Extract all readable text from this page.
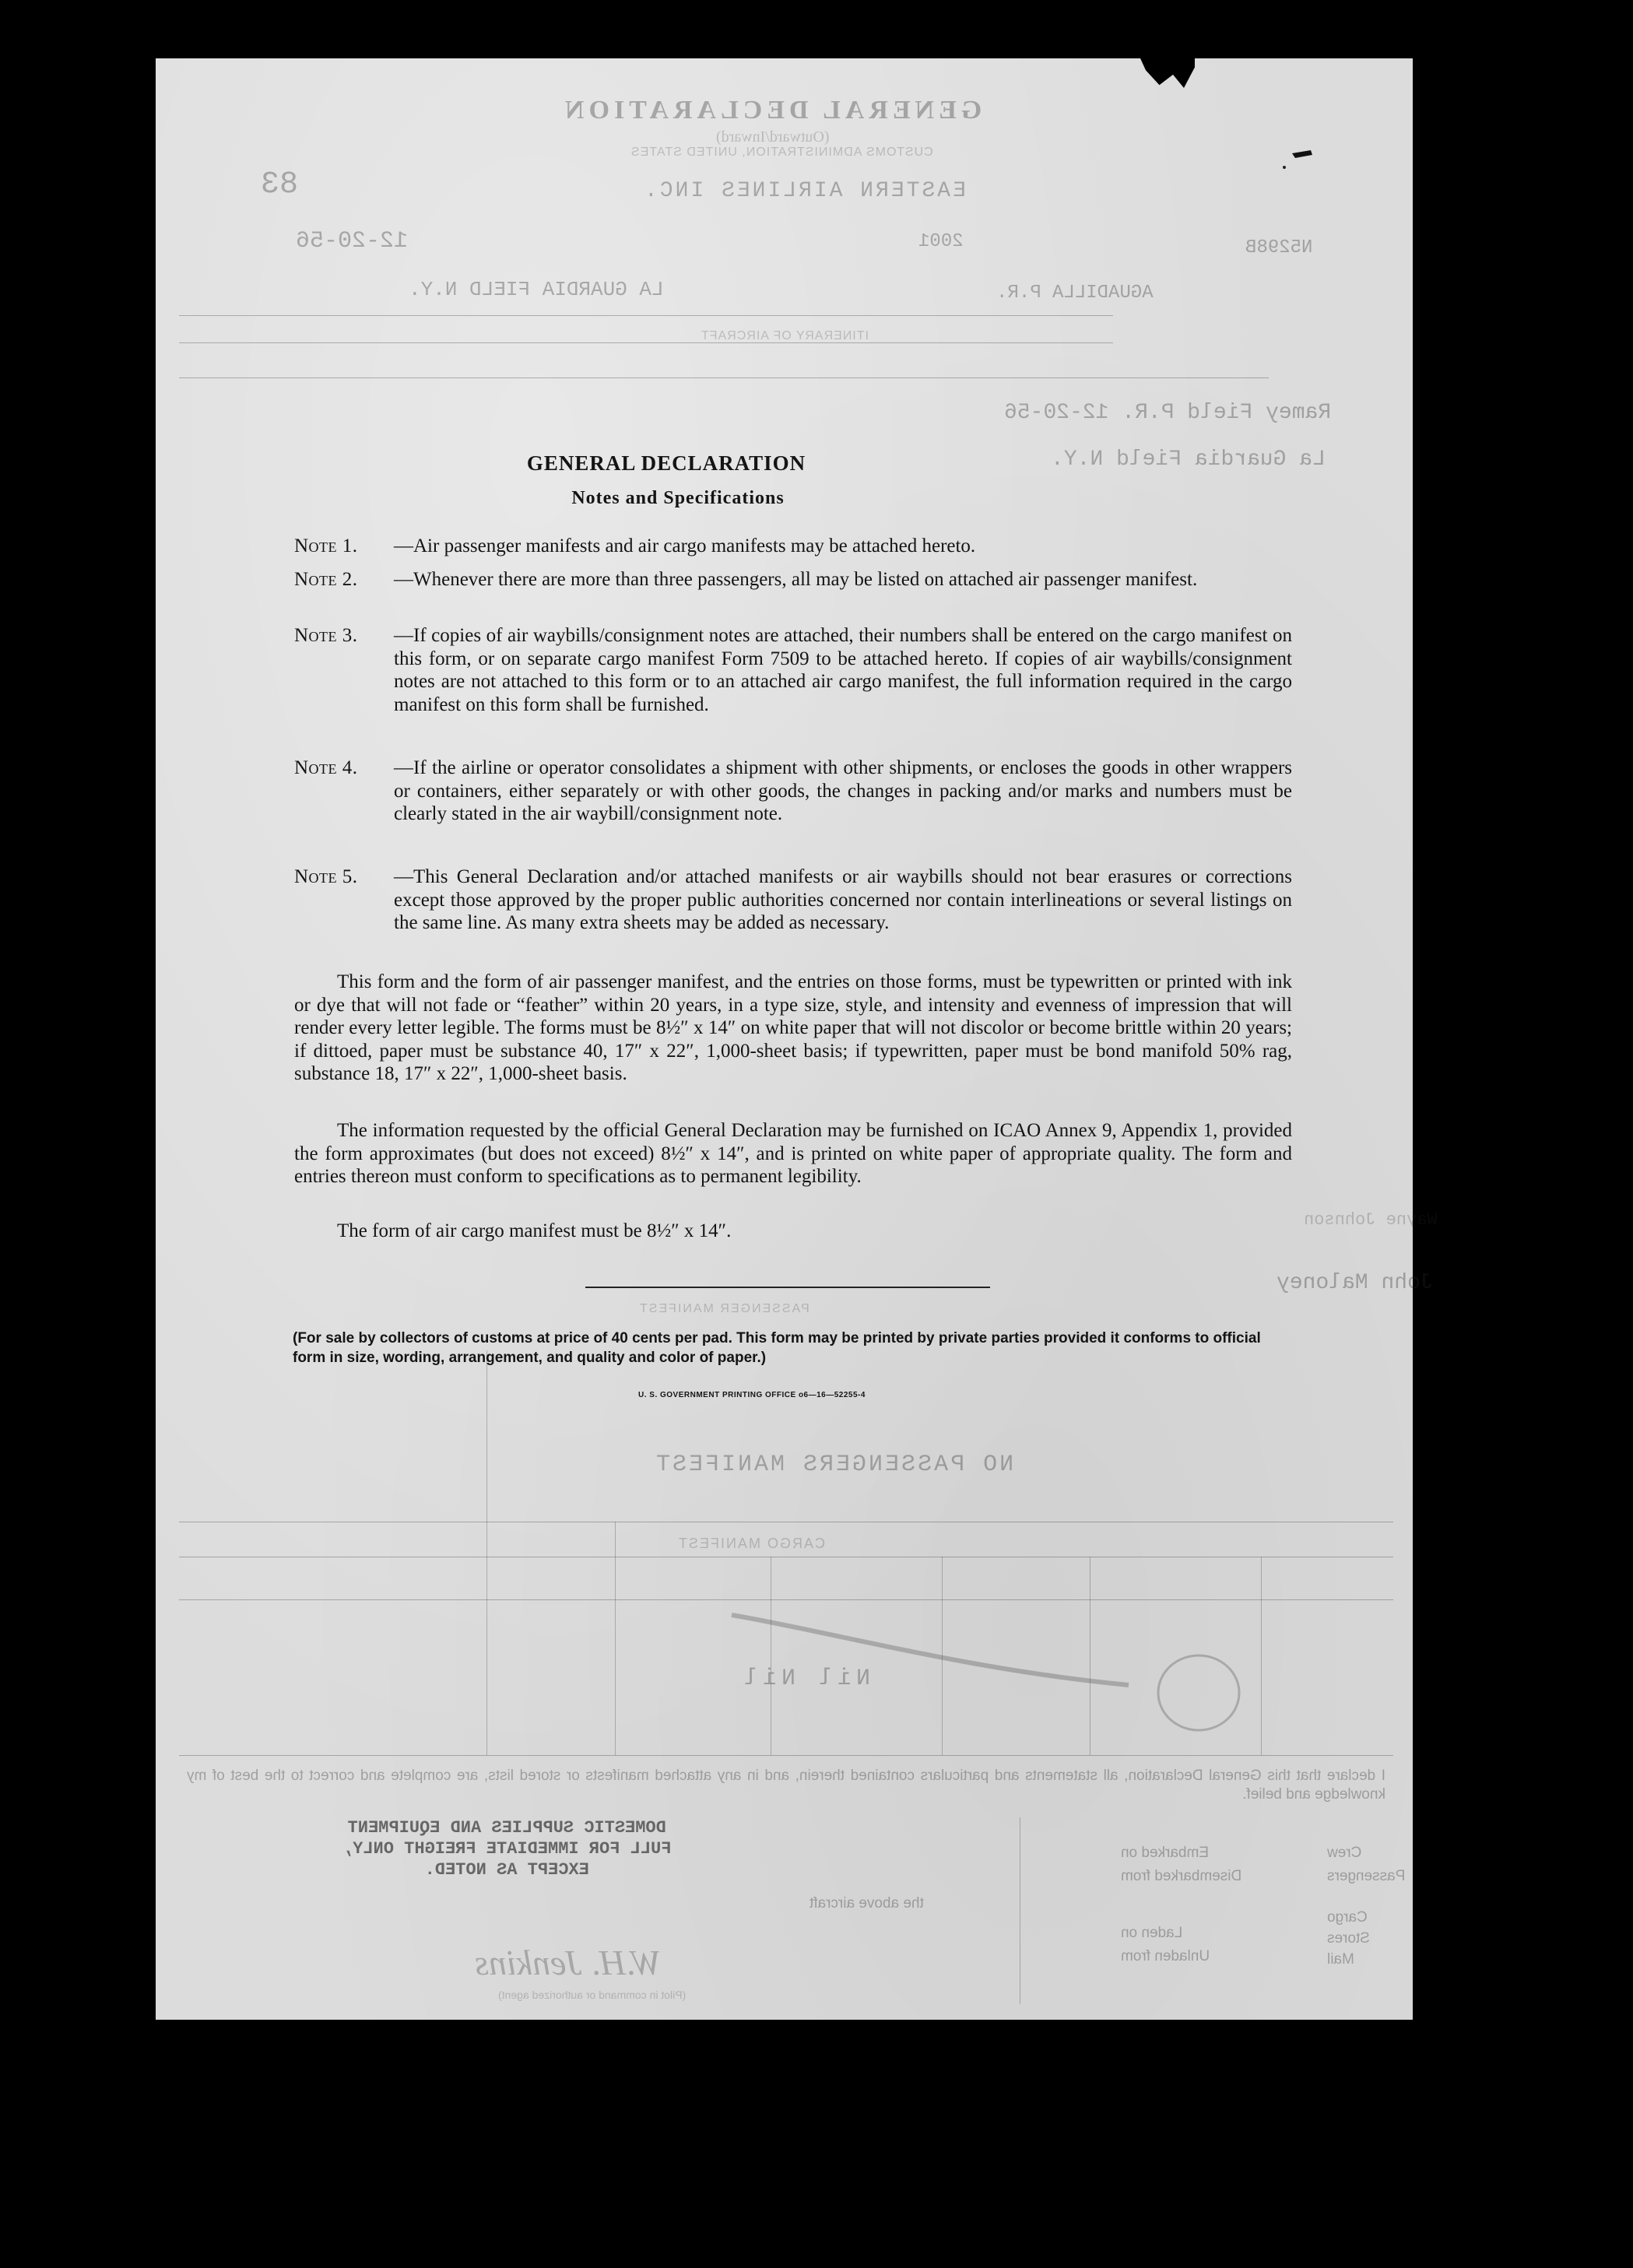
GENERAL DECLARATION
(Outward/Inward)
CUSTOMS ADMINISTRATION, UNITED STATES
83	EASTERN AIRLINES INC.
N5298B
2001
12-20-56
AGUADILLA P.R.
LA GUARDIA FIELD N.Y.
ITINERARY OF AIRCRAFT
Ramey Field P.R. 12-20-56
La Guardia Field N.Y.
Wayne Johnson
John Maloney
PASSENGER MANIFEST
NO PASSENGERS MANIFEST
CARGO MANIFEST
Nil Nil
I declare that this General Declaration, all statements and particulars contained therein, and in any attached manifests or stored lists, are complete and correct to the best of my knowledge and belief.
Embarked on
Disembarked from
Crew
Passengers
the above aircraft
Laden on
Unladen from
Cargo
Stores
Mail
W.H. Jenkins
(Pilot in command or authorized agent)
DOMESTIC SUPPLIES AND EQUIPMENT
FULL FOR IMMEDIATE FREIGHT ONLY,
EXCEPT AS NOTED.
GENERAL DECLARATION
Notes and Specifications
Note 1. —Air passenger manifests and air cargo manifests may be attached hereto.
Note 2. —Whenever there are more than three passengers, all may be listed on attached air passenger manifest.
Note 3. —If copies of air waybills/consignment notes are attached, their numbers shall be entered on the cargo manifest on this form, or on separate cargo manifest Form 7509 to be attached hereto. If copies of air waybills/consignment notes are not attached to this form or to an attached air cargo manifest, the full information required in the cargo manifest on this form shall be furnished.
Note 4. —If the airline or operator consolidates a shipment with other shipments, or encloses the goods in other wrappers or containers, either separately or with other goods, the changes in packing and/or marks and numbers must be clearly stated in the air waybill/consignment note.
Note 5. —This General Declaration and/or attached manifests or air waybills should not bear erasures or corrections except those approved by the proper public authorities concerned nor contain interlineations or several listings on the same line. As many extra sheets may be added as necessary.
This form and the form of air passenger manifest, and the entries on those forms, must be typewritten or printed with ink or dye that will not fade or “feather” within 20 years, in a type size, style, and intensity and evenness of impression that will render every letter legible. The forms must be 8½″ x 14″ on white paper that will not discolor or become brittle within 20 years; if dittoed, paper must be substance 40, 17″ x 22″, 1,000-sheet basis; if typewritten, paper must be bond manifold 50% rag, substance 18, 17″ x 22″, 1,000-sheet basis.
The information requested by the official General Declaration may be furnished on ICAO Annex 9, Appendix 1, provided the form approximates (but does not exceed) 8½″ x 14″, and is printed on white paper of appropriate quality. The form and entries thereon must conform to specifications as to permanent legibility.
The form of air cargo manifest must be 8½″ x 14″.
(For sale by collectors of customs at price of 40 cents per pad. This form may be printed by private parties provided it conforms to official form in size, wording, arrangement, and quality and color of paper.)
U. S. GOVERNMENT PRINTING OFFICE o6—16—52255-4
